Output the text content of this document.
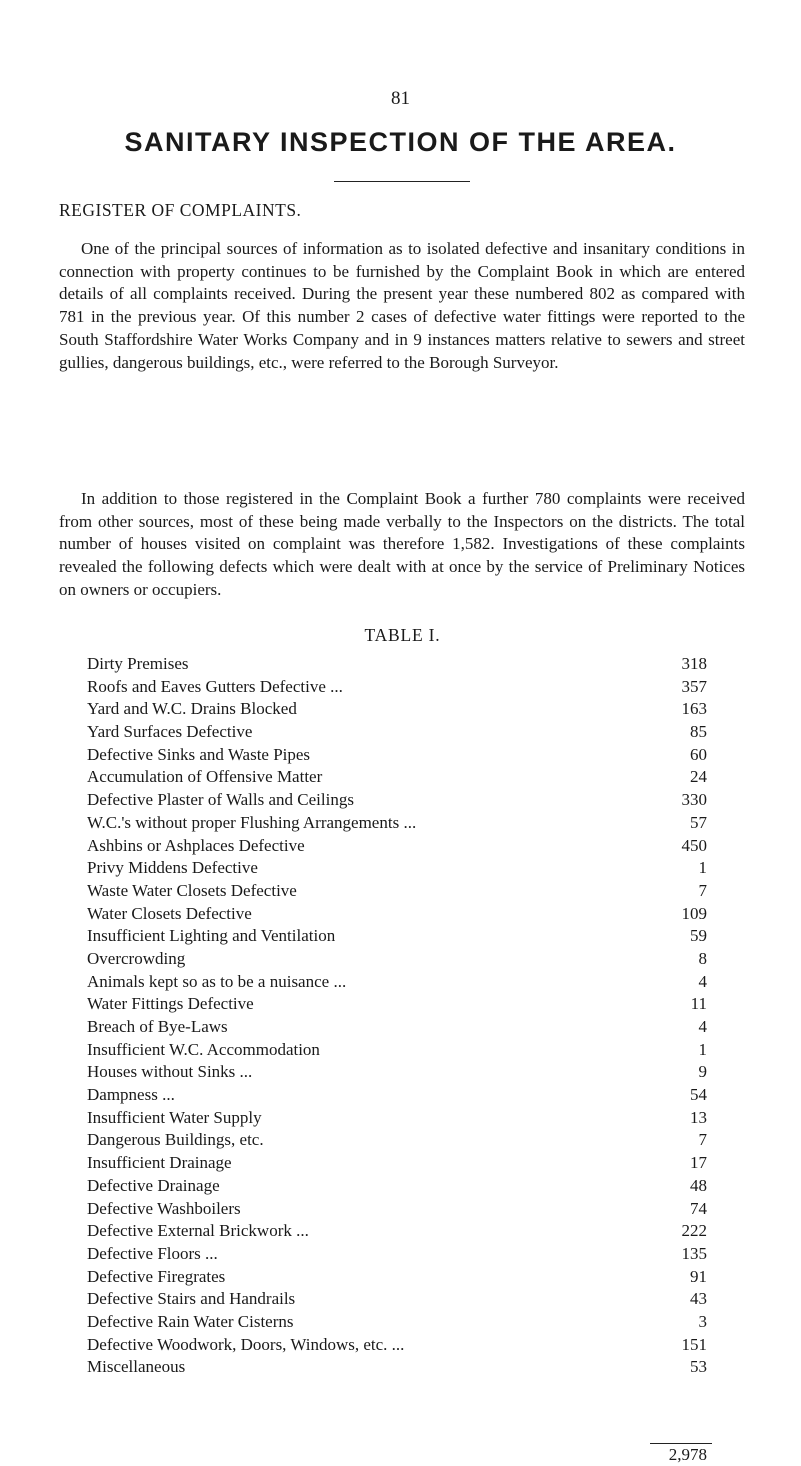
81
SANITARY INSPECTION OF THE AREA.
REGISTER OF COMPLAINTS.

One of the principal sources of information as to isolated defective and insanitary conditions in connection with property continues to be furnished by the Complaint Book in which are entered details of all complaints received. During the present year these numbered 802 as compared with 781 in the previous year. Of this number 2 cases of defective water fittings were reported to the South Staffordshire Water Works Company and in 9 instances matters relative to sewers and street gullies, dangerous buildings, etc., were referred to the Borough Surveyor.

In addition to those registered in the Complaint Book a further 780 complaints were received from other sources, most of these being made verbally to the Inspectors on the districts. The total number of houses visited on complaint was therefore 1,582. Investigations of these complaints revealed the following defects which were dealt with at once by the service of Preliminary Notices on owners or occupiers.

TABLE I.
Dirty Premises	318
Roofs and Eaves Gutters Defective ...	357
Yard and W.C. Drains Blocked	163
Yard Surfaces Defective	85
Defective Sinks and Waste Pipes	60
Accumulation of Offensive Matter	24
Defective Plaster of Walls and Ceilings	330
W.C.'s without proper Flushing Arrangements ...	57
Ashbins or Ashplaces Defective	450
Privy Middens Defective	1
Waste Water Closets Defective	7
Water Closets Defective	109
Insufficient Lighting and Ventilation	59
Overcrowding	8
Animals kept so as to be a nuisance ...	4
Water Fittings Defective	11
Breach of Bye-Laws	4
Insufficient W.C. Accommodation	1
Houses without Sinks ...	9
Dampness ...	54
Insufficient Water Supply	13
Dangerous Buildings, etc.	7
Insufficient Drainage	17
Defective Drainage	48
Defective Washboilers	74
Defective External Brickwork ...	222
Defective Floors ...	135
Defective Firegrates	91
Defective Stairs and Handrails	43
Defective Rain Water Cisterns	3
Defective Woodwork, Doors, Windows, etc. ...	151
Miscellaneous	53
2,978
